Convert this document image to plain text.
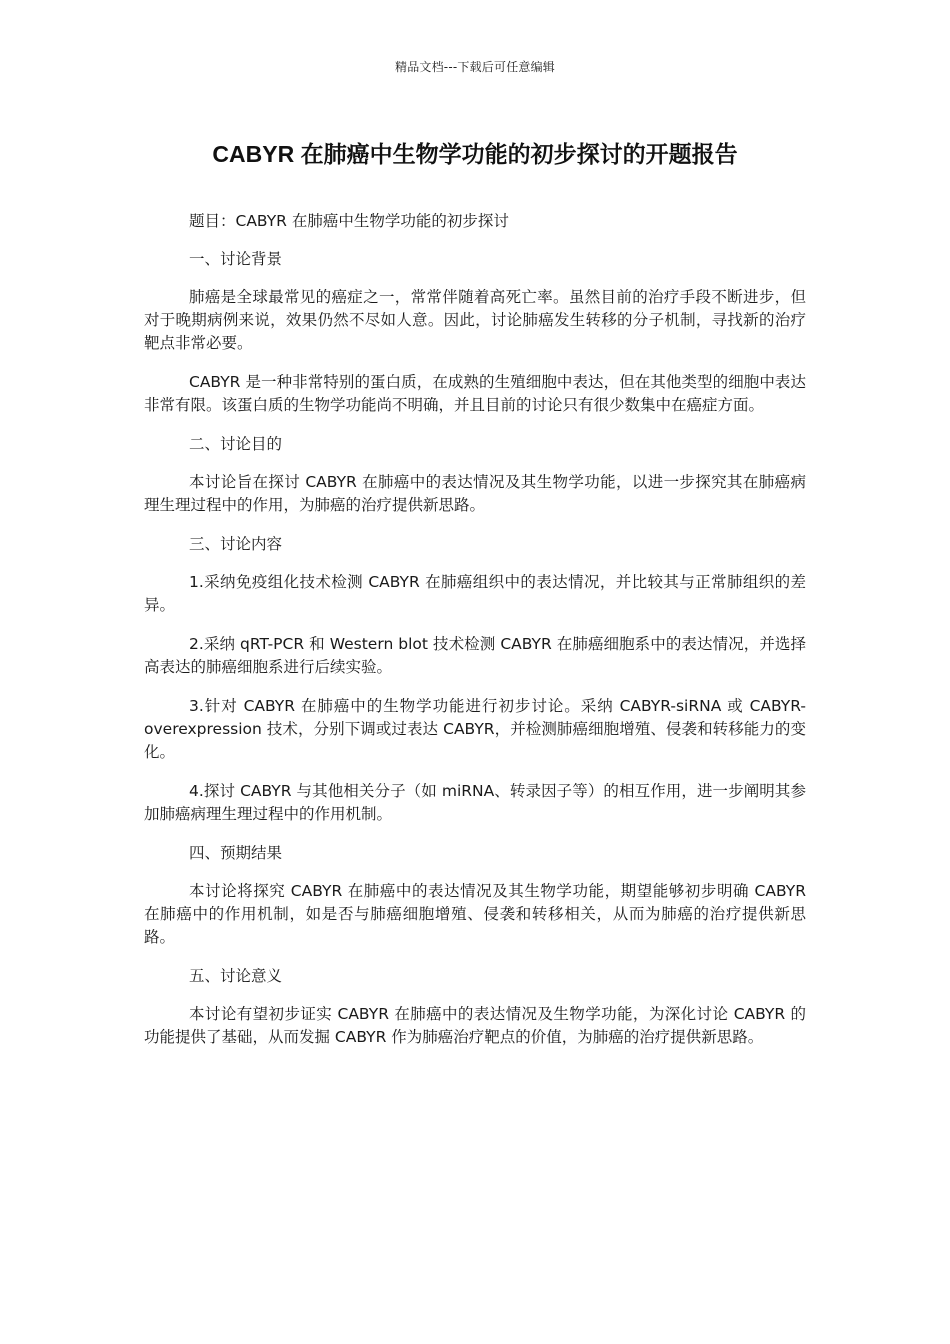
精品文档---下载后可任意编辑
CABYR 在肺癌中生物学功能的初步探讨的开题报告

题目：CABYR 在肺癌中生物学功能的初步探讨

一、讨论背景

肺癌是全球最常见的癌症之一，常常伴随着高死亡率。虽然目前的治疗手段不断进步，但对于晚期病例来说，效果仍然不尽如人意。因此，讨论肺癌发生转移的分子机制，寻找新的治疗靶点非常必要。

CABYR 是一种非常特别的蛋白质，在成熟的生殖细胞中表达，但在其他类型的细胞中表达非常有限。该蛋白质的生物学功能尚不明确，并且目前的讨论只有很少数集中在癌症方面。

二、讨论目的

本讨论旨在探讨 CABYR 在肺癌中的表达情况及其生物学功能，以进一步探究其在肺癌病理生理过程中的作用，为肺癌的治疗提供新思路。

三、讨论内容

1.采纳免疫组化技术检测 CABYR 在肺癌组织中的表达情况，并比较其与正常肺组织的差异。

2.采纳 qRT-PCR 和 Western blot 技术检测 CABYR 在肺癌细胞系中的表达情况，并选择高表达的肺癌细胞系进行后续实验。

3.针对 CABYR 在肺癌中的生物学功能进行初步讨论。采纳 CABYR-siRNA 或 CABYR-overexpression 技术，分别下调或过表达 CABYR，并检测肺癌细胞增殖、侵袭和转移能力的变化。

4.探讨 CABYR 与其他相关分子（如 miRNA、转录因子等）的相互作用，进一步阐明其参加肺癌病理生理过程中的作用机制。

四、预期结果

本讨论将探究 CABYR 在肺癌中的表达情况及其生物学功能，期望能够初步明确 CABYR 在肺癌中的作用机制，如是否与肺癌细胞增殖、侵袭和转移相关，从而为肺癌的治疗提供新思路。

五、讨论意义

本讨论有望初步证实 CABYR 在肺癌中的表达情况及生物学功能，为深化讨论 CABYR 的功能提供了基础，从而发掘 CABYR 作为肺癌治疗靶点的价值，为肺癌的治疗提供新思路。
